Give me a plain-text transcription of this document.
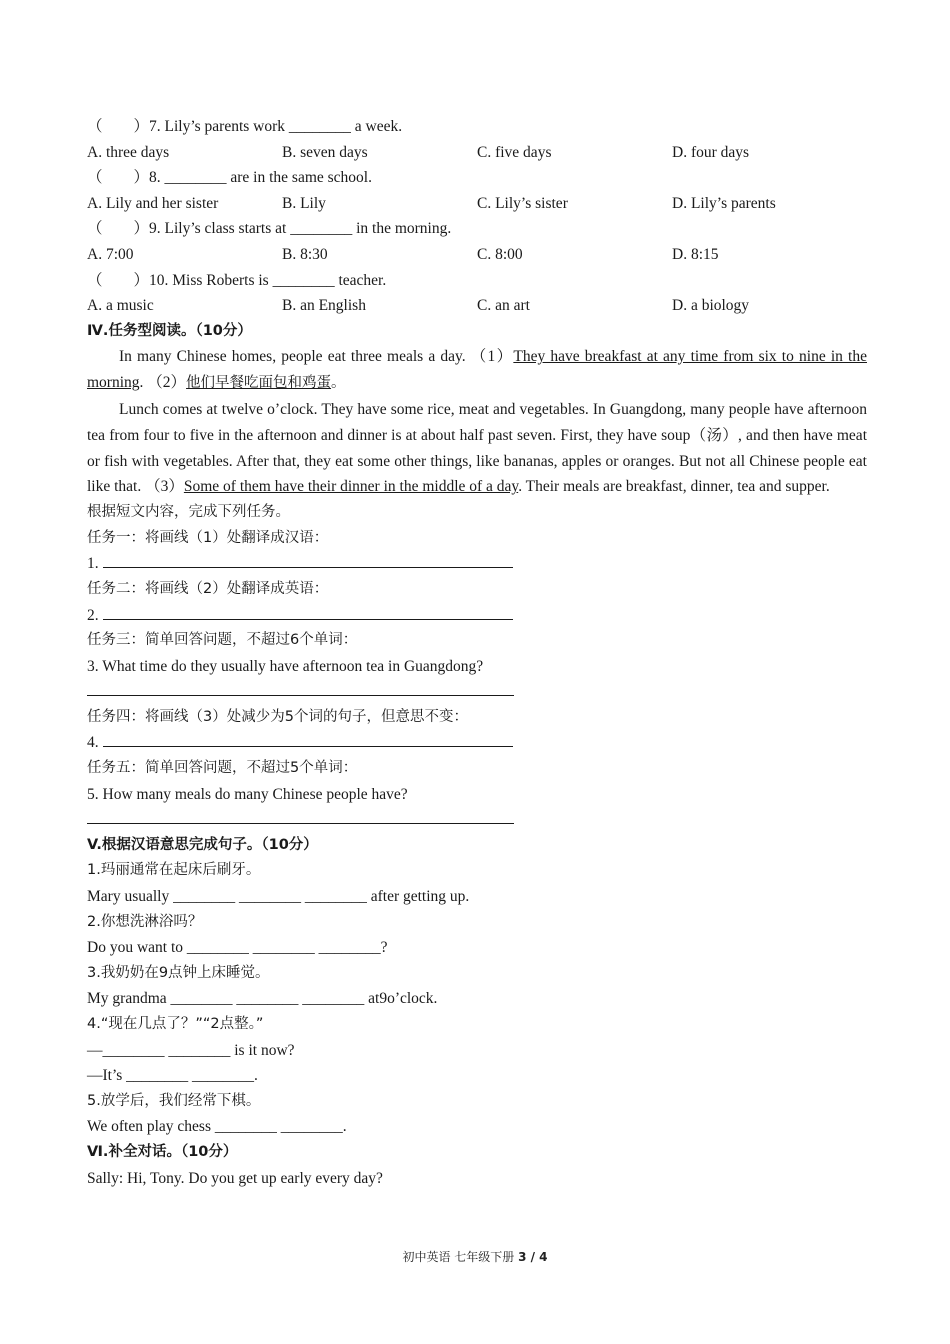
（　　）7. Lily’s parents work ________ a week.
A. three days	B. seven days	C. five days	D. four days
（　　）8. ________ are in the same school.
A. Lily and her sister	B. Lily	C. Lily’s sister	D. Lily’s parents
（　　）9. Lily’s class starts at ________ in the morning.
A. 7:00	B. 8:30	C. 8:00	D. 8:15
（　　）10. Miss Roberts is ________ teacher.
A. a music	B. an English	C. an art	D. a biology
Ⅳ.任务型阅读。（10分）
In many Chinese homes, people eat three meals a day. （1）They have breakfast at any time from six to nine in the morning. （2）他们早餐吃面包和鸡蛋。
Lunch comes at twelve o’clock. They have some rice, meat and vegetables. In Guangdong, many people have afternoon tea from four to five in the afternoon and dinner is at about half past seven. First, they have soup（汤）, and then have meat or fish with vegetables. After that, they eat some other things, like bananas, apples or oranges. But not all Chinese people eat like that. （3）Some of them have their dinner in the middle of a day. Their meals are breakfast, dinner, tea and supper.
根据短文内容，完成下列任务。
任务一：将画线（1）处翻译成汉语：
1.
任务二：将画线（2）处翻译成英语：
2.
任务三：简单回答问题，不超过6个单词：
3. What time do they usually have afternoon tea in Guangdong?
任务四：将画线（3）处减少为5个词的句子，但意思不变：
4.
任务五：简单回答问题，不超过5个单词：
5. How many meals do many Chinese people have?
V.根据汉语意思完成句子。（10分）
1.玛丽通常在起床后刷牙。
Mary usually ________ ________ ________ after getting up.
2.你想洗淋浴吗？
Do you want to ________ ________ ________?
3.我奶奶在9点钟上床睡觉。
My grandma ________ ________ ________ at9o’clock.
4.“现在几点了？”“2点整。”
—________ ________ is it now?
—It’s ________ ________.
5.放学后，我们经常下棋。
We often play chess ________ ________.
Ⅵ.补全对话。（10分）
Sally: Hi, Tony. Do you get up early every day?
初中英语 七年级下册 3 / 4
